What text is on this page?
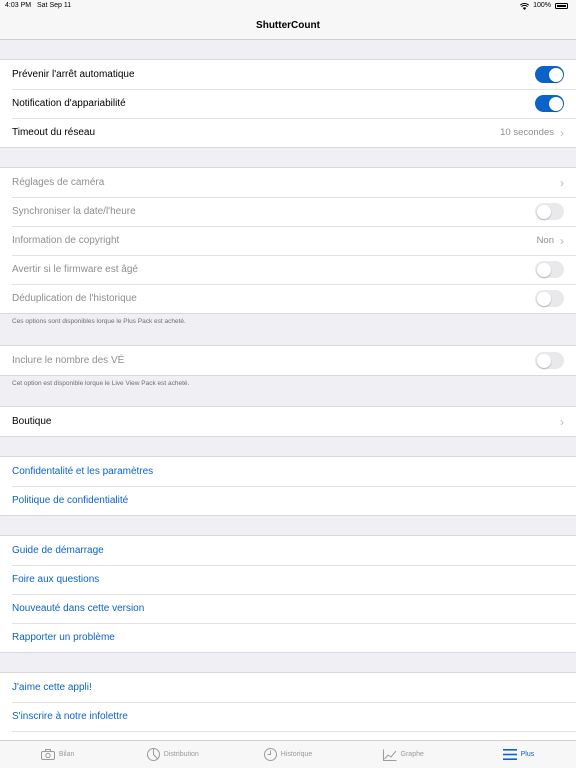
4:03 PM Sat Sep 11	100%
ShutterCount
Prévenir l'arrêt automatique
Notification d'appariabilité
Timeout du réseau	10 secondes ›
Réglages de caméra	›
Synchroniser la date/l'heure
Information de copyright	Non ›
Avertir si le firmware est âgé
Déduplication de l'historique
Ces options sont disponibles lorque le Plus Pack est acheté.
Inclure le nombre des VÉ
Cet option est disponible lorque le Live View Pack est acheté.
Boutique	›
Confidentalité et les paramètres
Politique de confidentialité
Guide de démarrage
Foire aux questions
Nouveauté dans cette version
Rapporter un problème
J'aime cette appli!
S'inscrire à notre infolettre
Bilan	Distribution	Historique	Graphe	Plus
